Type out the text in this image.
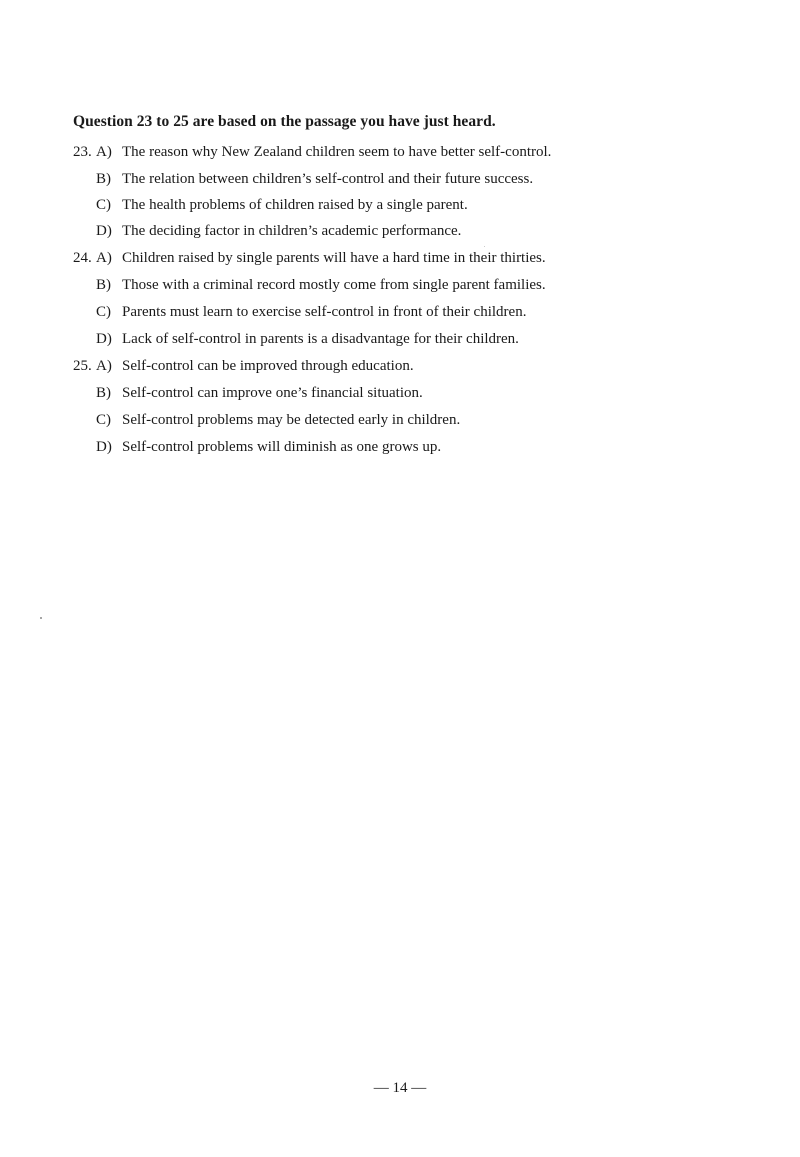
Question 23 to 25 are based on the passage you have just heard.
23. A) The reason why New Zealand children seem to have better self-control.
B) The relation between children’s self-control and their future success.
C) The health problems of children raised by a single parent.
D) The deciding factor in children’s academic performance.
24. A) Children raised by single parents will have a hard time in their thirties.
B) Those with a criminal record mostly come from single parent families.
C) Parents must learn to exercise self-control in front of their children.
D) Lack of self-control in parents is a disadvantage for their children.
25. A) Self-control can be improved through education.
B) Self-control can improve one’s financial situation.
C) Self-control problems may be detected early in children.
D) Self-control problems will diminish as one grows up.
— 14 —
